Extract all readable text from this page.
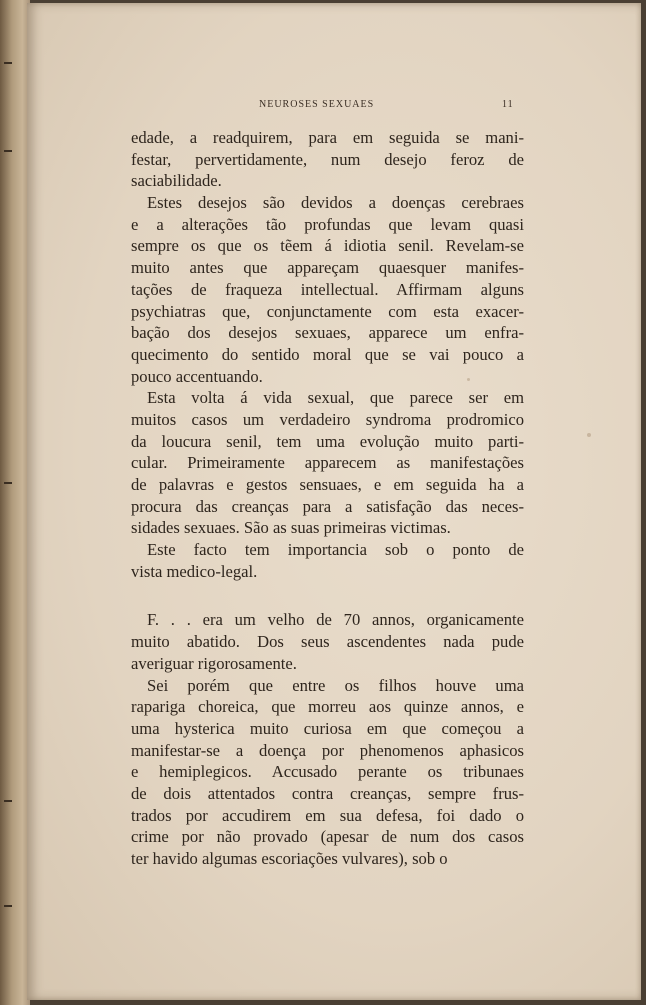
NEUROSES SEXUAES	11
edade, a readquirem, para em seguida se mani-
festar, pervertidamente, num desejo feroz de
saciabilidade.
Estes desejos são devidos a doenças cerebraes
e a alterações tão profundas que levam quasi
sempre os que os tẽem á idiotia senil. Revelam-se
muito antes que appareçam quaesquer manifes-
tações de fraqueza intellectual. Affirmam alguns
psychiatras que, conjunctamente com esta exacer-
bação dos desejos sexuaes, apparece um enfra-
quecimento do sentido moral que se vai pouco a
pouco accentuando.
Esta volta á vida sexual, que parece ser em
muitos casos um verdadeiro syndroma prodromico
da loucura senil, tem uma evolução muito parti-
cular. Primeiramente apparecem as manifestações
de palavras e gestos sensuaes, e em seguida ha a
procura das creanças para a satisfação das neces-
sidades sexuaes. São as suas primeiras victimas.
Este facto tem importancia sob o ponto de
vista medico-legal.
F. . . era um velho de 70 annos, organicamente
muito abatido. Dos seus ascendentes nada pude
averiguar rigorosamente.
Sei porém que entre os filhos houve uma
rapariga choreica, que morreu aos quinze annos, e
uma hysterica muito curiosa em que começou a
manifestar-se a doença por phenomenos aphasicos
e hemiplegicos. Accusado perante os tribunaes
de dois attentados contra creanças, sempre frus-
trados por accudirem em sua defesa, foi dado o
crime por não provado (apesar de num dos casos
ter havido algumas escoriações vulvares), sob o
